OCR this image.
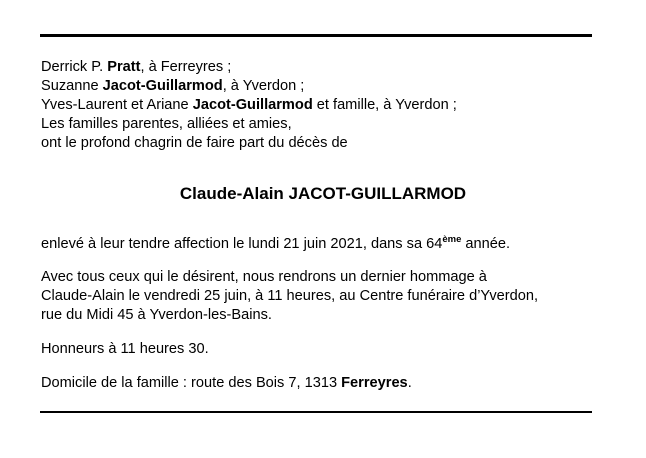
Derrick P. Pratt, à Ferreyres ;
Suzanne Jacot-Guillarmod, à Yverdon ;
Yves-Laurent et Ariane Jacot-Guillarmod et famille, à Yverdon ;
Les familles parentes, alliées et amies,
ont le profond chagrin de faire part du décès de
Claude-Alain JACOT-GUILLARMOD
enlevé à leur tendre affection le lundi 21 juin 2021, dans sa 64ème année.
Avec tous ceux qui le désirent, nous rendrons un dernier hommage à
Claude-Alain le vendredi 25 juin, à 11 heures, au Centre funéraire d’Yverdon,
rue du Midi 45 à Yverdon-les-Bains.
Honneurs à 11 heures 30.
Domicile de la famille : route des Bois 7, 1313 Ferreyres.
